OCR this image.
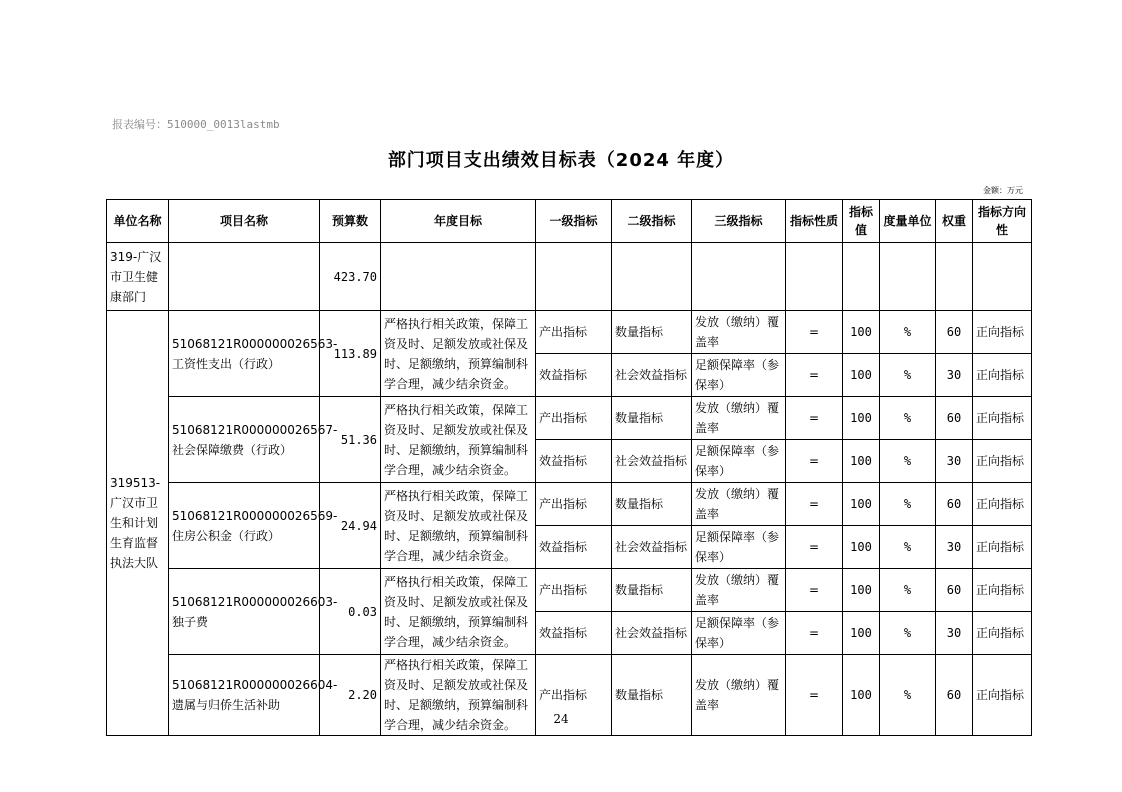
报表编号：510000_0013lastmb
部门项目支出绩效目标表（2024 年度）
金额：万元
单位名称	项目名称	预算数	年度目标	一级指标	二级指标	三级指标	指标性质	指标值	度量单位	权重	指标方向性
319-广汉市卫生健康部门		423.70									
319513-广汉市卫生和计划生育监督执法大队	51068121R000000026563-工资性支出（行政）	113.89	严格执行相关政策，保障工资及时、足额发放或社保及时、足额缴纳，预算编制科学合理，减少结余资金。	产出指标	数量指标	发放（缴纳）覆盖率	=	100	%	60	正向指标
				效益指标	社会效益指标	足额保障率（参保率）	=	100	%	30	正向指标
	51068121R000000026567-社会保障缴费（行政）	51.36	严格执行相关政策，保障工资及时、足额发放或社保及时、足额缴纳，预算编制科学合理，减少结余资金。	产出指标	数量指标	发放（缴纳）覆盖率	=	100	%	60	正向指标
				效益指标	社会效益指标	足额保障率（参保率）	=	100	%	30	正向指标
	51068121R000000026569-住房公积金（行政）	24.94	严格执行相关政策，保障工资及时、足额发放或社保及时、足额缴纳，预算编制科学合理，减少结余资金。	产出指标	数量指标	发放（缴纳）覆盖率	=	100	%	60	正向指标
				效益指标	社会效益指标	足额保障率（参保率）	=	100	%	30	正向指标
	51068121R000000026603-独子费	0.03	严格执行相关政策，保障工资及时、足额发放或社保及时、足额缴纳，预算编制科学合理，减少结余资金。	产出指标	数量指标	发放（缴纳）覆盖率	=	100	%	60	正向指标
				效益指标	社会效益指标	足额保障率（参保率）	=	100	%	30	正向指标
	51068121R000000026604-遗属与归侨生活补助	2.20	严格执行相关政策，保障工资及时、足额发放或社保及时、足额缴纳，预算编制科学合理，减少结余资金。	产出指标	数量指标	发放（缴纳）覆盖率	=	100	%	60	正向指标
24
